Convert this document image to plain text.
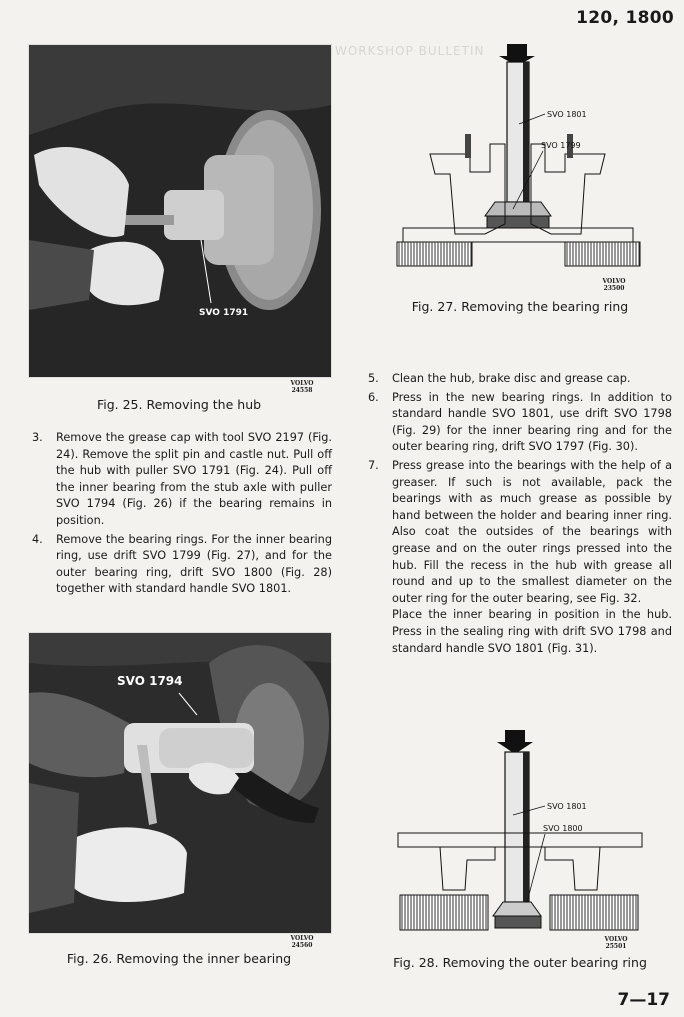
120, 1800
WORKSHOP BULLETIN
SVO 1791
VOLVO
24558
Fig. 25. Removing the hub
3.	Remove the grease cap with tool SVO 2197 (Fig. 24). Remove the split pin and castle nut. Pull off the hub with puller SVO 1791 (Fig. 24). Pull off the inner bearing from the stub axle with puller SVO 1794 (Fig. 26) if the bearing remains in position.
4.	Remove the bearing rings. For the inner bearing ring, use drift SVO 1799 (Fig. 27), and for the outer bearing ring, drift SVO 1800 (Fig. 28) together with standard handle SVO 1801.
SVO 1794
VOLVO
24560
Fig. 26. Removing the inner bearing
SVO 1801
SVO 1799
VOLVO
23500
Fig. 27. Removing the bearing ring
5.	Clean the hub, brake disc and grease cap.
6.	Press in the new bearing rings. In addition to standard handle SVO 1801, use drift SVO 1798 (Fig. 29) for the inner bearing ring and for the outer bearing ring, drift SVO 1797 (Fig. 30).
7.	Press grease into the bearings with the help of a greaser. If such is not available, pack the bearings with as much grease as possible by hand between the holder and bearing inner ring. Also coat the outsides of the bearings with grease and on the outer rings pressed into the hub. Fill the recess in the hub with grease all round and up to the smallest diameter on the outer ring for the outer bearing, see Fig. 32.
Place the inner bearing in position in the hub. Press in the sealing ring with drift SVO 1798 and standard handle SVO 1801 (Fig. 31).
SVO 1801
SVO 1800
VOLVO
25501
Fig. 28. Removing the outer bearing ring
7—17
